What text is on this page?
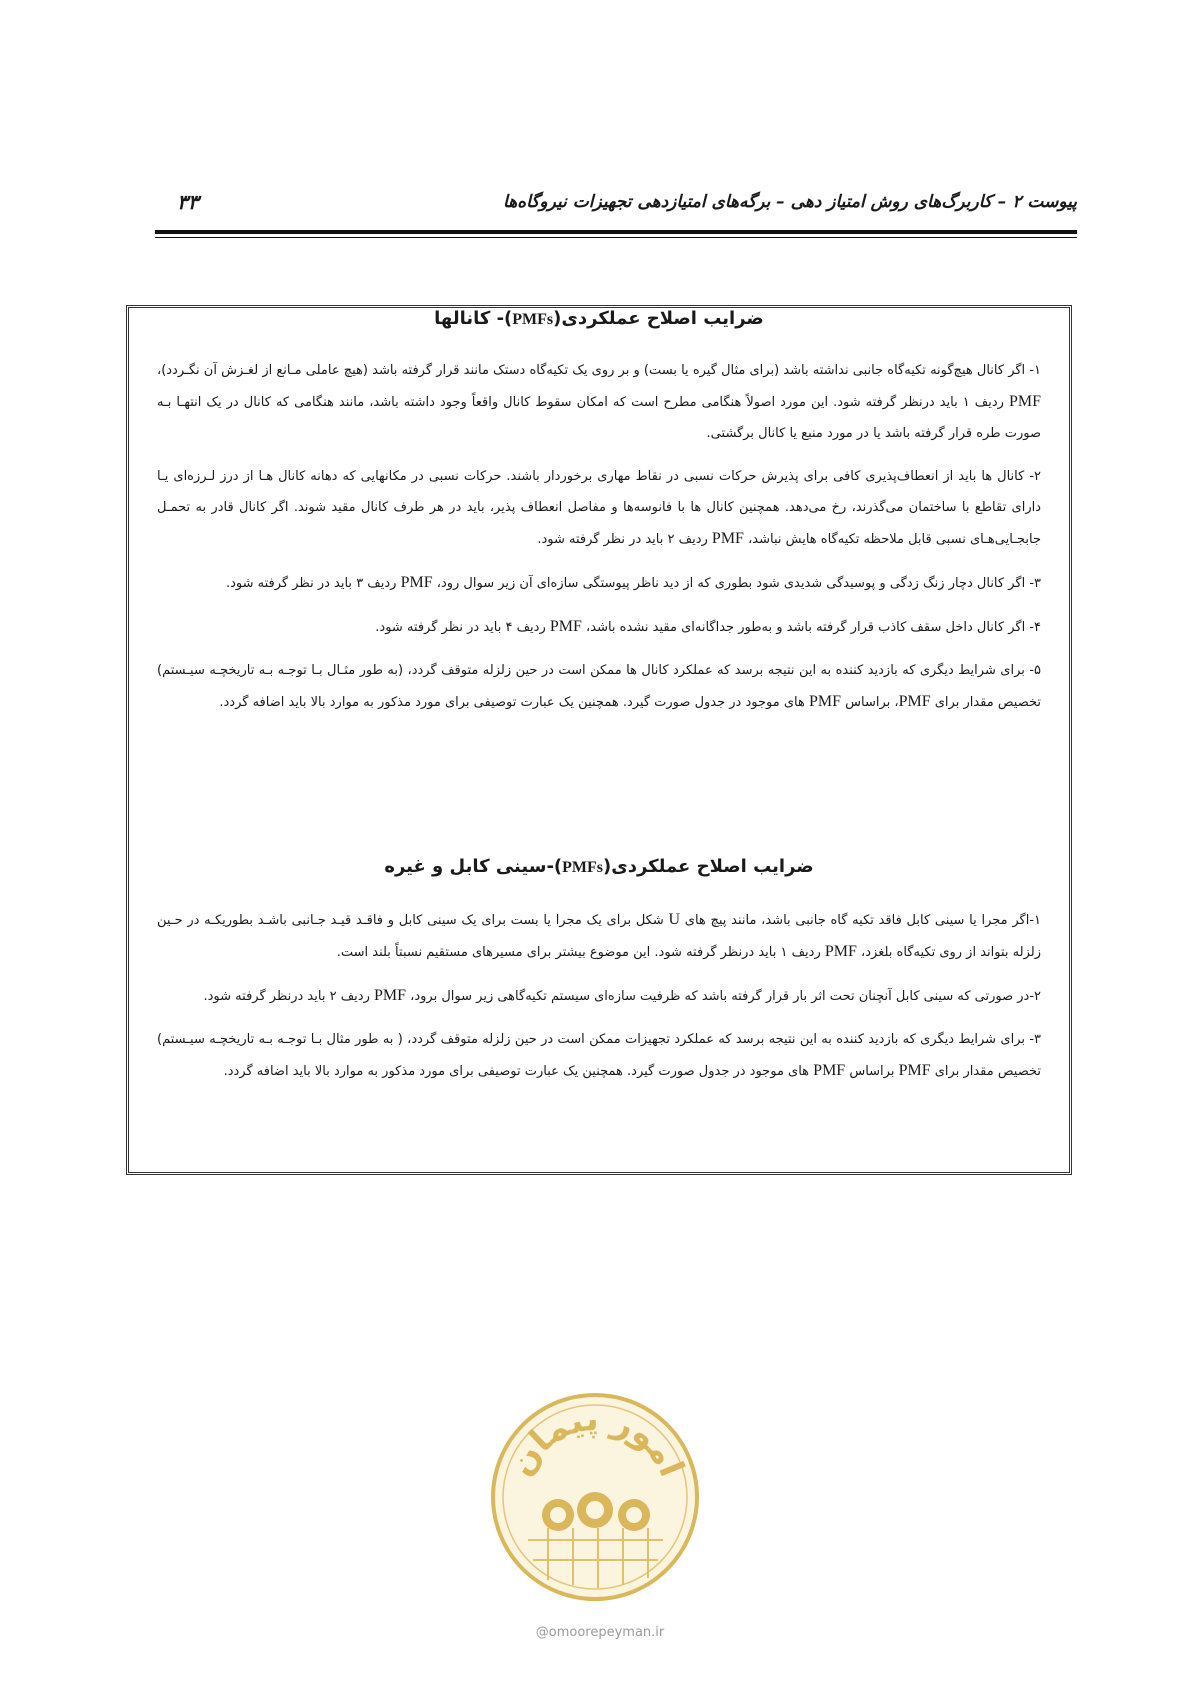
پیوست ۲ – کاربرگ‌های روش امتیاز دهی – برگه‌های امتیازدهی تجهیزات نیروگاه‌ها
۳۳
ضرایب اصلاح عملکردی(PMFs)- کانالها

۱- اگر کانال هیچ‌گونه تکیه‌گاه جانبی نداشته باشد (برای مثال گیره یا بست) و بر روی یک تکیه‌گاه دستک مانند قرار گرفته باشد (هیچ عاملی مـانع از لغـزش آن نگـردد)، PMF ردیف ۱ باید درنظر گرفته شود. این مورد اصولاً هنگامی مطرح است که امکان سقوط کانال واقعاً وجود داشته باشد، مانند هنگامی که کانال در یک انتهـا بـه صورت طره قرار گرفته باشد یا در مورد منبع یا کانال برگشتی.

۲- کانال ها باید از انعطاف‌پذیری کافی برای پذیرش حرکات نسبی در نقاط مهاری برخوردار باشند. حرکات نسبی در مکانهایی که دهانه کانال هـا از درز لـرزه‌ای یـا دارای تقاطع با ساختمان می‌گذرند، رخ می‌دهد. همچنین کانال ها با فانوسه‌ها و مفاصل انعطاف پذیر، باید در هر طرف کانال مقید شوند. اگر کانال قادر به تحمـل جابجـایی‌هـای نسبی قابل ملاحظه تکیه‌گاه هایش نباشد، PMF ردیف ۲ باید در نظر گرفته شود.

۳- اگر کانال دچار زنگ زدگی و پوسیدگی شدیدی شود بطوری که از دید ناظر پیوستگی سازه‌ای آن زیر سوال رود، PMF ردیف ۳ باید در نظر گرفته شود.

۴- اگر کانال داخل سقف کاذب قرار گرفته باشد و به‌طور جداگانه‌ای مقید نشده باشد، PMF ردیف ۴ باید در نظر گرفته شود.

۵- برای شرایط دیگری که بازدید کننده به این نتیجه برسد که عملکرد کانال ها ممکن است در حین زلزله متوقف گردد، (به طور مثـال بـا توجـه بـه تاریخچـه سیـستم) تخصیص مقدار برای PMF، براساس PMF های موجود در جدول صورت گیرد. همچنین یک عبارت توصیفی برای مورد مذکور به موارد بالا باید اضافه گردد.

ضرایب اصلاح عملکردی(PMFs)-سینی کابل و غیره

۱-اگر مجرا یا سینی کابل فاقد تکیه گاه جانبی باشد، مانند پیچ های U شکل برای یک مجرا یا بست برای یک سینی کابل و فاقـد قیـد جـانبی باشـد بطوریکـه در حـین زلزله بتواند از روی تکیه‌گاه بلغزد، PMF ردیف ۱ باید درنظر گرفته شود. این موضوع بیشتر برای مسیرهای مستقیم نسبتاً بلند است.

۲-در صورتی که سینی کابل آنچنان تحت اثر بار قرار گرفته باشد که ظرفیت سازه‌ای سیستم تکیه‌گاهی زیر سوال برود، PMF ردیف ۲ باید درنظر گرفته شود.

۳- برای شرایط دیگری که بازدید کننده به این نتیجه برسد که عملکرد تجهیزات ممکن است در حین زلزله متوقف گردد، ( به طور مثال بـا توجـه بـه تاریخچـه سیـستم) تخصیص مقدار برای PMF براساس PMF های موجود در جدول صورت گیرد. همچنین یک عبارت توصیفی برای مورد مذکور به موارد بالا باید اضافه گردد.

امور پیمان
@omoorepeyman.ir
